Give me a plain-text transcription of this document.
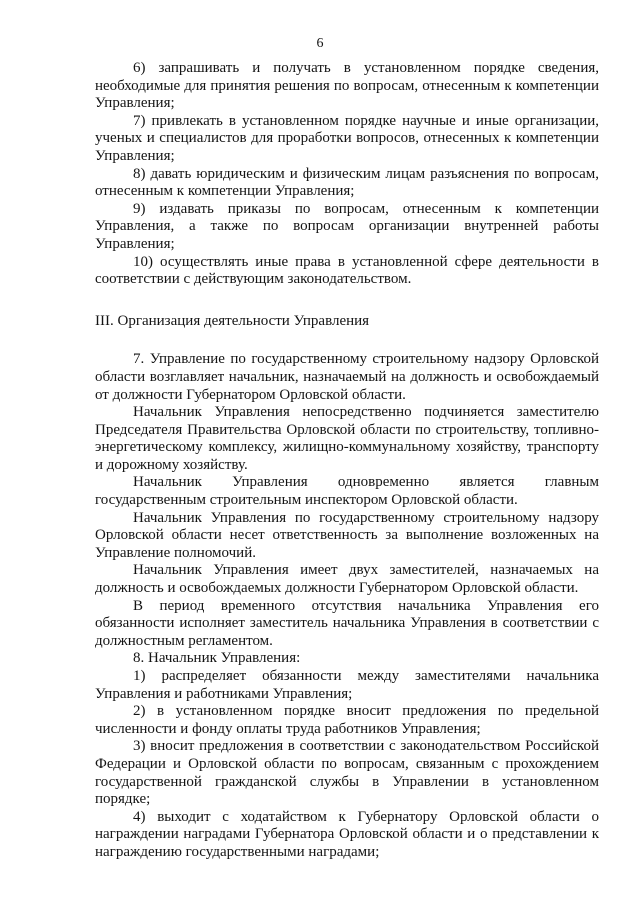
6

6) запрашивать и получать в установленном порядке сведения, необходимые для принятия решения по вопросам, отнесенным к компетенции Управления;

7) привлекать в установленном порядке научные и иные организации, ученых и специалистов для проработки вопросов, отнесенных к компетенции Управления;

8) давать юридическим и физическим лицам разъяснения по вопросам, отнесенным к компетенции Управления;

9) издавать приказы по вопросам, отнесенным к компетенции Управления, а также по вопросам организации внутренней работы Управления;

10) осуществлять иные права в установленной сфере деятельности в соответствии с действующим законодательством.

III. Организация деятельности Управления

7. Управление по государственному строительному надзору Орловской области возглавляет начальник, назначаемый на должность и освобождаемый от должности Губернатором Орловской области.

Начальник Управления непосредственно подчиняется заместителю Председателя Правительства Орловской области по строительству, топливно-энергетическому комплексу, жилищно-коммунальному хозяйству, транспорту и дорожному хозяйству.

Начальник Управления одновременно является главным государственным строительным инспектором Орловской области.

Начальник Управления по государственному строительному надзору Орловской области несет ответственность за выполнение возложенных на Управление полномочий.

Начальник Управления имеет двух заместителей, назначаемых на должность и освобождаемых должности Губернатором Орловской области.

В период временного отсутствия начальника Управления его обязанности исполняет заместитель начальника Управления в соответствии с должностным регламентом.

8. Начальник Управления:

1) распределяет обязанности между заместителями начальника Управления и работниками Управления;

2) в установленном порядке вносит предложения по предельной численности и фонду оплаты труда работников Управления;

3) вносит предложения в соответствии с законодательством Российской Федерации и Орловской области по вопросам, связанным с прохождением государственной гражданской службы в Управлении в установленном порядке;

4) выходит с ходатайством к Губернатору Орловской области о награждении наградами Губернатора Орловской области и о представлении к награждению государственными наградами;
